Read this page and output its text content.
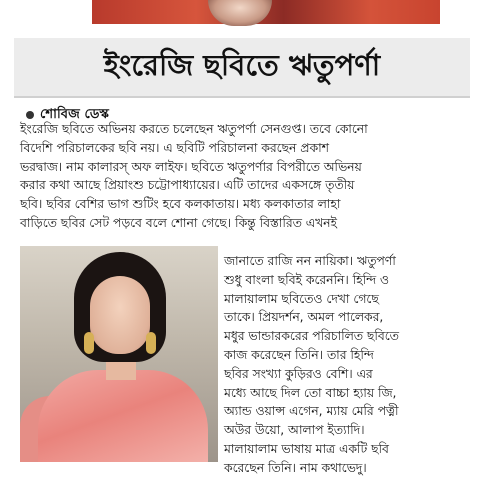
ইংরেজি ছবিতে ঋতুপর্ণা
শোবিজ ডেস্ক
ইংরেজি ছবিতে অভিনয় করতে চলেছেন ঋতুপর্ণা সেনগুপ্ত। তবে কোনো
বিদেশি পরিচালকের ছবি নয়। এ ছবিটি পরিচালনা করছেন প্রকাশ
ভরদ্বাজ। নাম কালারস্ অফ লাইফ। ছবিতে ঋতুপর্ণার বিপরীতে অভিনয়
করার কথা আছে প্রিয়াংশু চট্টোপাধ্যায়ের। এটি তাদের একসঙ্গে তৃতীয়
ছবি। ছবির বেশির ভাগ শুটিং হবে কলকাতায়। মধ্য কলকাতার লাহা
বাড়িতে ছবির সেট পড়বে বলে শোনা গেছে। কিন্তু বিস্তারিত এখনই
জানাতে রাজি নন নায়িকা। ঋতুপর্ণা
শুধু বাংলা ছবিই করেননি। হিন্দি ও
মালায়ালাম ছবিতেও দেখা গেছে
তাকে। প্রিয়দর্শন, অমল পালেকর,
মধুর ভান্ডারকরের পরিচালিত ছবিতে
কাজ করেছেন তিনি। তার হিন্দি
ছবির সংখ্যা কুড়িরও বেশি। এর
মধ্যে আছে দিল তো বাচ্চা হ্যায় জি,
অ্যান্ড ওয়ান্স এগেন, ম্যায় মেরি পত্নী
অউর উয়ো, আলাপ ইত্যাদি।
মালায়ালাম ভাষায় মাত্র একটি ছবি
করেছেন তিনি। নাম কথাভেদু।
